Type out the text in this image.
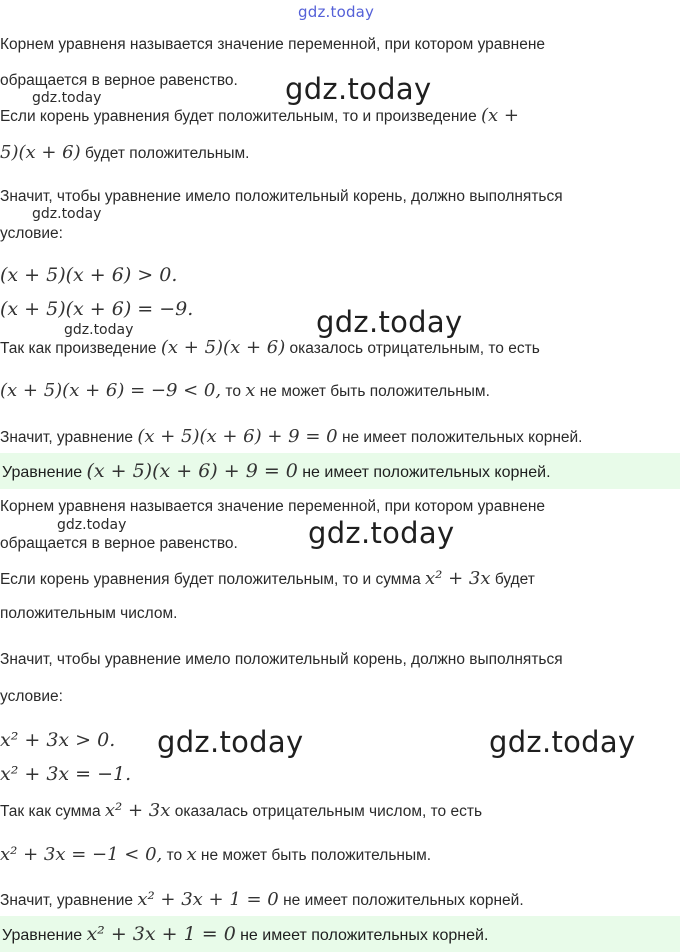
gdz.today
gdz.today
gdz.today
gdz.today
gdz.today
gdz.today
gdz.today
gdz.today
gdz.today	gdz.today
Корнем уравненя называется значение переменной, при котором уравнене
обращается в верное равенство.
Если корень уравнения будет положительным, то и произведение (x +
5)(x + 6) будет положительным.
Значит, чтобы уравнение имело положительный корень, должно выполняться
условие:
(x + 5)(x + 6) > 0.
(x + 5)(x + 6) = −9.
Так как произведение (x + 5)(x + 6) оказалось отрицательным, то есть
(x + 5)(x + 6) = −9 < 0, то x не может быть положительным.
Значит, уравнение (x + 5)(x + 6) + 9 = 0 не имеет положительных корней.
Уравнение (x + 5)(x + 6) + 9 = 0 не имеет положительных корней.
Корнем уравненя называется значение переменной, при котором уравнене
обращается в верное равенство.
Если корень уравнения будет положительным, то и сумма x² + 3x будет
положительным числом.
Значит, чтобы уравнение имело положительный корень, должно выполняться
условие:
x² + 3x > 0.
x² + 3x = −1.
Так как сумма x² + 3x оказалась отрицательным числом, то есть
x² + 3x = −1 < 0, то x не может быть положительным.
Значит, уравнение x² + 3x + 1 = 0 не имеет положительных корней.
Уравнение x² + 3x + 1 = 0 не имеет положительных корней.
